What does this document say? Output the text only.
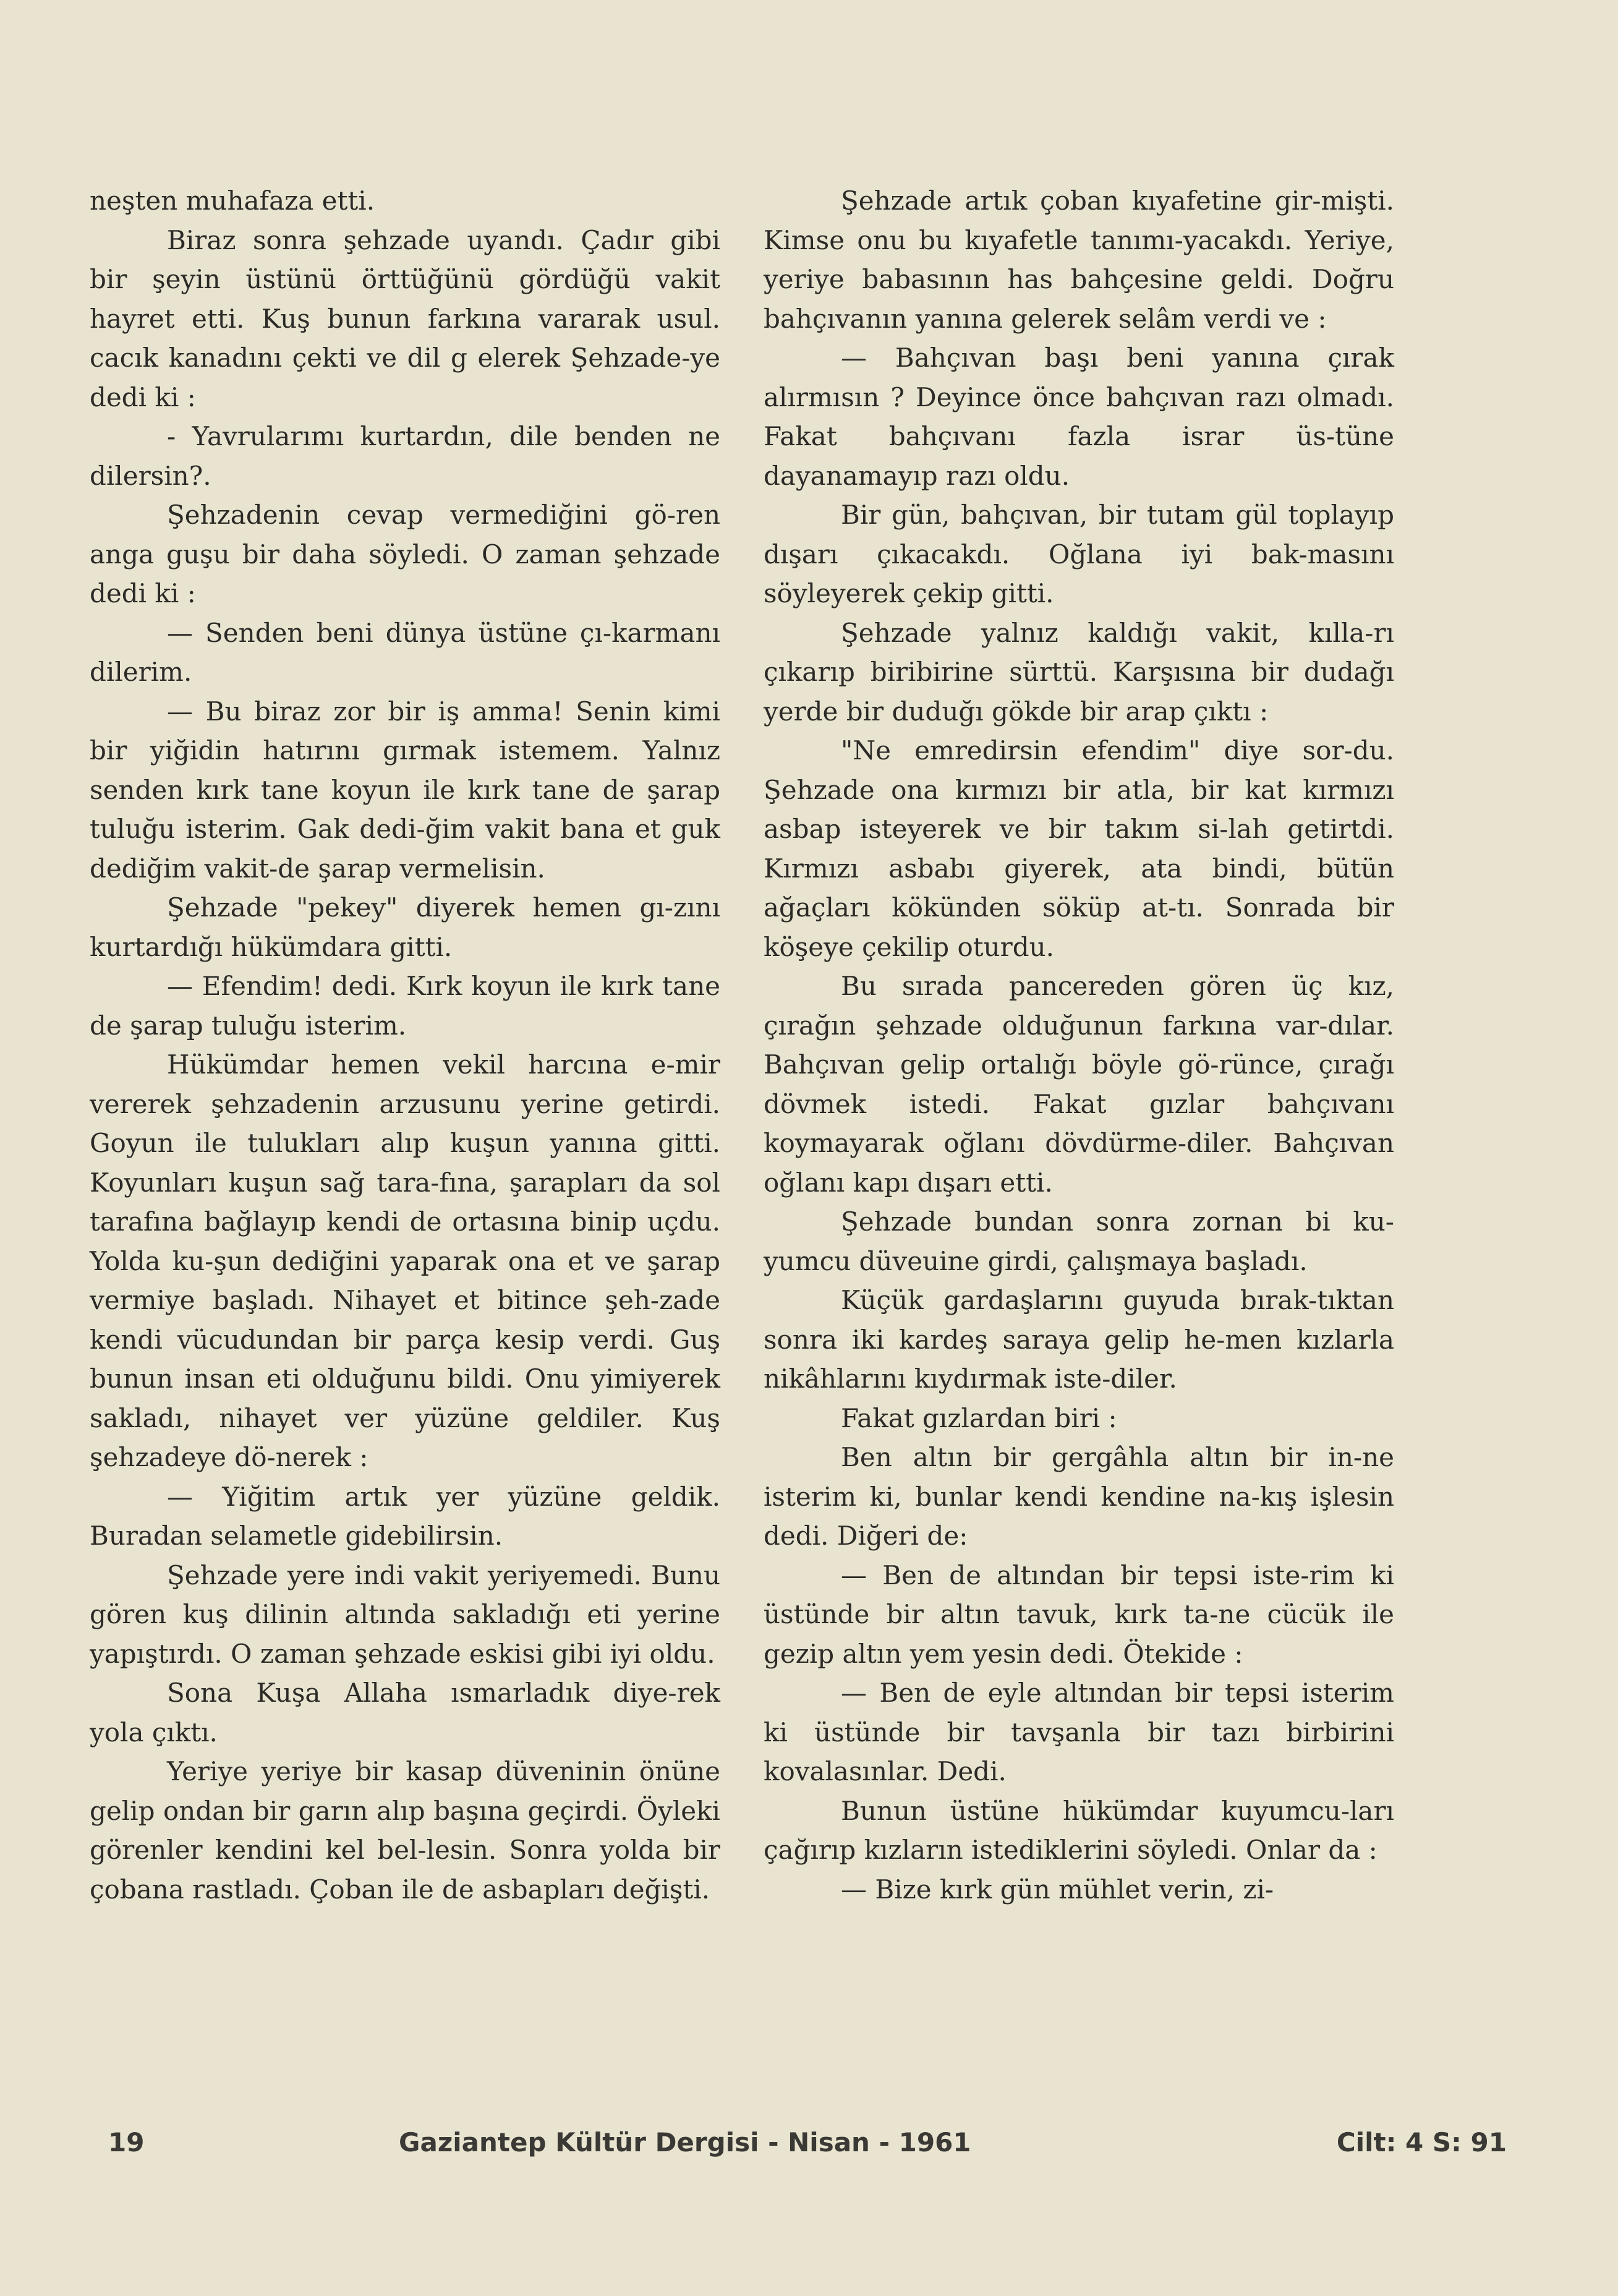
neşten muhafaza etti.

Biraz sonra şehzade uyandı. Çadır gibi bir şeyin üstünü örttüğünü gördüğü vakit hayret etti. Kuş bunun farkına vararak usul. cacık kanadını çekti ve dil g elerek Şehzade-ye dedi ki :

- Yavrularımı kurtardın, dile benden ne dilersin?.

Şehzadenin cevap vermediğini gö-ren anga guşu bir daha söyledi. O zaman şehzade dedi ki :

— Senden beni dünya üstüne çı-karmanı dilerim.

— Bu biraz zor bir iş amma! Senin kimi bir yiğidin hatırını gırmak istemem. Yalnız senden kırk tane koyun ile kırk tane de şarap tuluğu isterim. Gak dedi-ğim vakit bana et guk dediğim vakit-de şarap vermelisin.

Şehzade "pekey" diyerek hemen gı-zını kurtardığı hükümdara gitti.

— Efendim! dedi. Kırk koyun ile kırk tane de şarap tuluğu isterim.

Hükümdar hemen vekil harcına e-mir vererek şehzadenin arzusunu yerine getirdi. Goyun ile tulukları alıp kuşun yanına gitti. Koyunları kuşun sağ tara-fına, şarapları da sol tarafına bağlayıp kendi de ortasına binip uçdu. Yolda ku-şun dediğini yaparak ona et ve şarap vermiye başladı. Nihayet et bitince şeh-zade kendi vücudundan bir parça kesip verdi. Guş bunun insan eti olduğunu bildi. Onu yimiyerek sakladı, nihayet ver yüzüne geldiler. Kuş şehzadeye dö-nerek :

— Yiğitim artık yer yüzüne geldik. Buradan selametle gidebilirsin.

Şehzade yere indi vakit yeriyemedi. Bunu gören kuş dilinin altında sakladığı eti yerine yapıştırdı. O zaman şehzade eskisi gibi iyi oldu.

Sona Kuşa Allaha ısmarladık diye-rek yola çıktı.

Yeriye yeriye bir kasap düveninin önüne gelip ondan bir garın alıp başına geçirdi. Öyleki görenler kendini kel bel-lesin. Sonra yolda bir çobana rastladı. Çoban ile de asbapları değişti.

Şehzade artık çoban kıyafetine gir-mişti. Kimse onu bu kıyafetle tanımı-yacakdı. Yeriye, yeriye babasının has bahçesine geldi. Doğru bahçıvanın yanına gelerek selâm verdi ve :

— Bahçıvan başı beni yanına çırak alırmısın ? Deyince önce bahçıvan razı olmadı. Fakat bahçıvanı fazla israr üs-tüne dayanamayıp razı oldu.

Bir gün, bahçıvan, bir tutam gül toplayıp dışarı çıkacakdı. Oğlana iyi bak-masını söyleyerek çekip gitti.

Şehzade yalnız kaldığı vakit, kılla-rı çıkarıp biribirine sürttü. Karşısına bir dudağı yerde bir duduğı gökde bir arap çıktı :

"Ne emredirsin efendim" diye sor-du. Şehzade ona kırmızı bir atla, bir kat kırmızı asbap isteyerek ve bir takım si-lah getirtdi. Kırmızı asbabı giyerek, ata bindi, bütün ağaçları kökünden söküp at-tı. Sonrada bir köşeye çekilip oturdu.

Bu sırada pancereden gören üç kız, çırağın şehzade olduğunun farkına var-dılar. Bahçıvan gelip ortalığı böyle gö-rünce, çırağı dövmek istedi. Fakat gızlar bahçıvanı koymayarak oğlanı dövdürme-diler. Bahçıvan oğlanı kapı dışarı etti.

Şehzade bundan sonra zornan bi ku-yumcu düveuine girdi, çalışmaya başladı.

Küçük gardaşlarını guyuda bırak-tıktan sonra iki kardeş saraya gelip he-men kızlarla nikâhlarını kıydırmak iste-diler.

Fakat gızlardan biri :

Ben altın bir gergâhla altın bir in-ne isterim ki, bunlar kendi kendine na-kış işlesin dedi. Diğeri de:

— Ben de altından bir tepsi iste-rim ki üstünde bir altın tavuk, kırk ta-ne cücük ile gezip altın yem yesin dedi. Ötekide :

— Ben de eyle altından bir tepsi isterim ki üstünde bir tavşanla bir tazı birbirini kovalasınlar. Dedi.

Bunun üstüne hükümdar kuyumcu-ları çağırıp kızların istediklerini söyledi. Onlar da :

— Bize kırk gün mühlet verin, zi-

19	Gaziantep Kültür Dergisi - Nisan - 1961	Cilt: 4 S: 91
